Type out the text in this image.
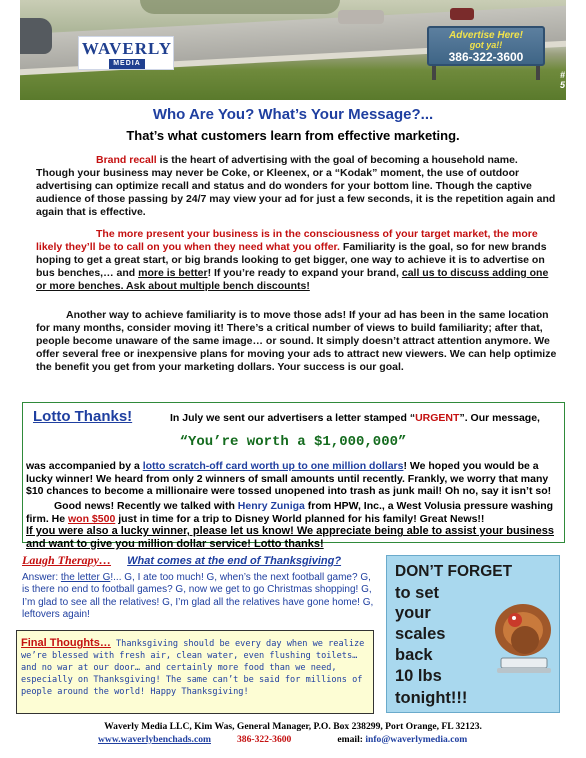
WAVERLY
MEDIA
Advertise Here!
got ya!!
386-322-3600
# 5
Who Are You? What’s Your Message?...
That’s what customers learn from effective marketing.
Brand recall is the heart of advertising with the goal of becoming a household name. Though your business may never be Coke, or Kleenex, or a “Kodak” moment, the use of outdoor advertising can optimize recall and status and do wonders for your bottom line. Though the captive audience of those passing by 24/7 may view your ad for just a few seconds, it is the repetition again and again that is effective.
The more present your business is in the consciousness of your target market, the more likely they’ll be to call on you when they need what you offer. Familiarity is the goal, so for new brands hoping to get a great start, or big brands looking to get bigger, one way to achieve it is to advertise on bus benches,… and more is better! If you’re ready to expand your brand, call us to discuss adding one or more benches. Ask about multiple bench discounts!
Another way to achieve familiarity is to move those ads! If your ad has been in the same location for many months, consider moving it! There’s a critical number of views to build familiarity; after that, people become unaware of the same image… or sound. It simply doesn’t attract attention anymore. We offer several free or inexpensive plans for moving your ads to attract new viewers. We can help optimize the benefit you get from your marketing dollars. Your success is our goal.
Lotto Thanks!	In July we sent our advertisers a letter stamped “URGENT”. Our message,
“You’re worth a $1,000,000”
was accompanied by a lotto scratch-off card worth up to one million dollars! We hoped you would be a lucky winner! We heard from only 2 winners of small amounts until recently. Frankly, we worry that many $10 chances to become a millionaire were tossed unopened into trash as junk mail! Oh no, say it isn’t so!
Good news! Recently we talked with Henry Zuniga from HPW, Inc., a West Volusia pressure washing firm. He won $500 just in time for a trip to Disney World planned for his family! Great News!!
If you were also a lucky winner, please let us know! We appreciate being able to assist your business and want to give you million dollar service! Lotto thanks!
Laugh Therapy… What comes at the end of Thanksgiving?
Answer: the letter G!... G, I ate too much! G, when’s the next football game? G, is there no end to football games? G, now we get to go Christmas shopping! G, I’m glad to see all the relatives! G, I’m glad all the relatives have gone home! G, leftovers again!
Final Thoughts… Thanksgiving should be every day when we realize we’re blessed with fresh air, clean water, even flushing toilets…and no war at our door… and certainly more food than we need, especially on Thanksgiving! The same can’t be said for millions of people around the world! Happy Thanksgiving!
DON’T FORGET
to set
your
scales
back
10 lbs
tonight!!!
Waverly Media LLC, Kim Was, General Manager, P.O. Box 238299, Port Orange, FL 32123.
www.waverlybenchads.com	386-322-3600	email: info@waverlymedia.com
